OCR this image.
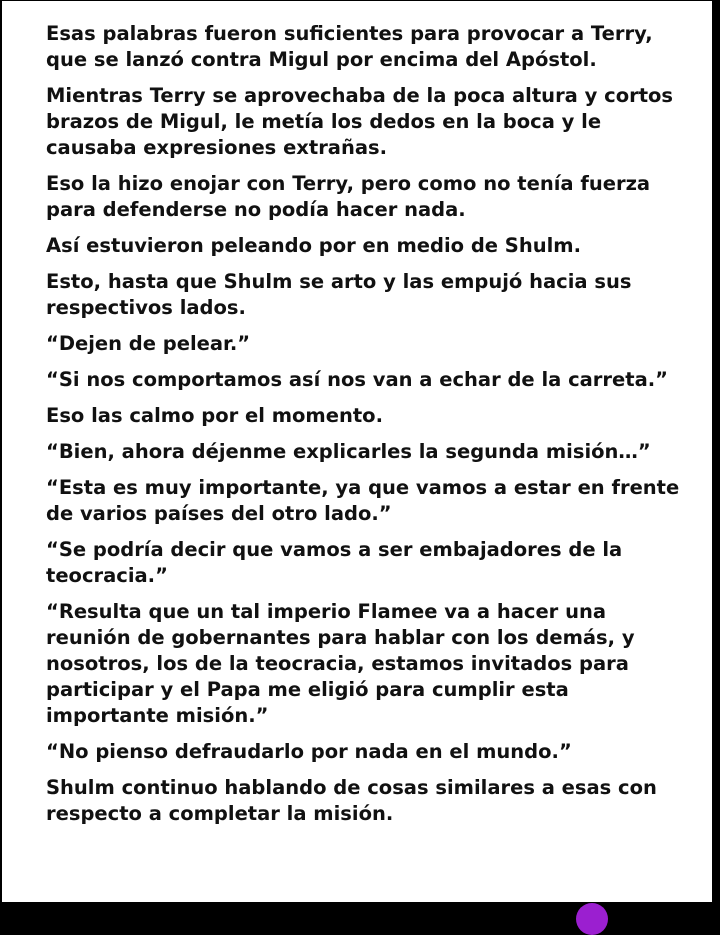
Esas palabras fueron suficientes para provocar a Terry, que se lanzó contra Migul por encima del Apóstol.

Mientras Terry se aprovechaba de la poca altura y cortos brazos de Migul, le metía los dedos en la boca y le causaba expresiones extrañas.

Eso la hizo enojar con Terry, pero como no tenía fuerza para defenderse no podía hacer nada.

Así estuvieron peleando por en medio de Shulm.

Esto, hasta que Shulm se arto y las empujó hacia sus respectivos lados.

“Dejen de pelear.”

“Si nos comportamos así nos van a echar de la carreta.”

Eso las calmo por el momento.

“Bien, ahora déjenme explicarles la segunda misión…”

“Esta es muy importante, ya que vamos a estar en frente de varios países del otro lado.”

“Se podría decir que vamos a ser embajadores de la teocracia.”

“Resulta que un tal imperio Flamee va a hacer una reunión de gobernantes para hablar con los demás, y nosotros, los de la teocracia, estamos invitados para participar y el Papa me eligió para cumplir esta importante misión.”

“No pienso defraudarlo por nada en el mundo.”

Shulm continuo hablando de cosas similares a esas con respecto a completar la misión.
